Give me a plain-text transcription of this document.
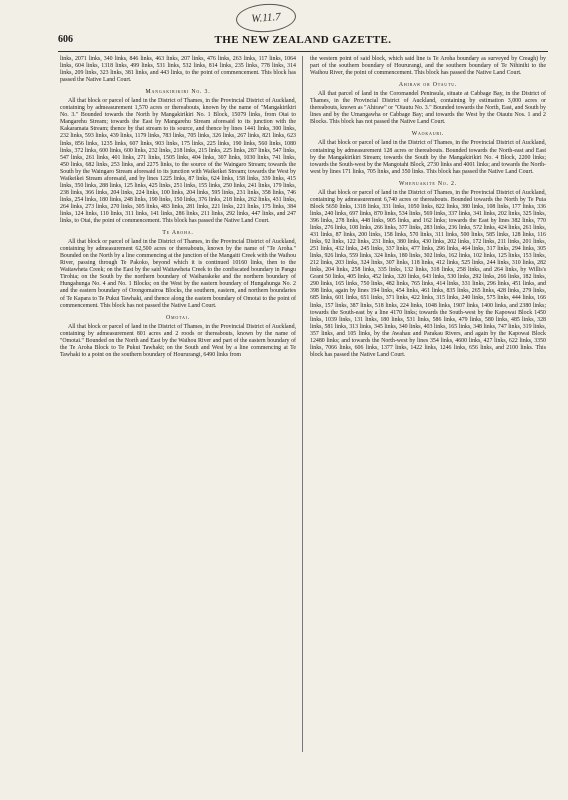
W.11.7
606	THE NEW ZEALAND GAZETTE.

links, 2071 links, 340 links, 846 links, 463 links, 207 links, 476 links, 263 links, 117 links, 1064 links, 604 links, 1318 links, 499 links, 531 links, 532 links, 814 links, 235 links, 778 links, 314 links, 209 links, 323 links, 381 links, and 443 links, to the point of commencement. This block has passed the Native Land Court.

Mangakirikiri No. 3.

All that block or parcel of land in the District of Thames, in the Provincial District of Auckland, containing by admeasurement 1,570 acres or thereabouts, known by the name of "Mangakirikiri No. 3." Bounded towards the North by Mangakirikiri No. 1 Block, 15079 links, from Otai to Mangarehu Stream; towards the East by Mangarehu Stream aforesaid to its junction with the Kakaramata Stream; thence by that stream to its source, and thence by lines 1441 links, 300 links, 232 links, 593 links, 439 links, 1179 links, 783 links, 705 links, 326 links, 267 links, 821 links, 623 links, 856 links, 1235 links, 607 links, 903 links, 175 links, 225 links, 190 links, 560 links, 1080 links, 372 links, 600 links, 600 links, 232 links, 218 links, 215 links, 225 links, 287 links, 547 links, 547 links, 261 links, 401 links, 271 links, 1505 links, 404 links, 307 links, 1030 links, 741 links, 450 links, 682 links, 253 links, and 2275 links, to the source of the Waingaro Stream; towards the South by the Waingaro Stream aforesaid to its junction with Waikeikei Stream; towards the West by Waikeikei Stream aforesaid, and by lines 1225 links, 87 links, 624 links, 158 links, 339 links, 415 links, 350 links, 288 links, 125 links, 425 links, 251 links, 155 links, 250 links, 241 links, 179 links, 238 links, 366 links, 204 links, 224 links, 100 links, 204 links, 595 links, 231 links, 358 links, 746 links, 254 links, 180 links, 248 links, 190 links, 150 links, 376 links, 218 links, 262 links, 431 links, 264 links, 273 links, 270 links, 305 links, 483 links, 281 links, 221 links, 221 links, 175 links, 384 links, 124 links, 110 links, 311 links, 141 links, 286 links, 211 links, 292 links, 447 links, and 247 links, to Otai, the point of commencement. This block has passed the Native Land Court.

Te Aroha.

All that block or parcel of land in the District of Thames, in the Provincial District of Auckland, containing by admeasurement 62,500 acres or thereabouts, known by the name of "Te Aroha." Bounded on the North by a line commencing at the junction of the Mangaiti Creek with the Waihou River, passing through Te Pakoko, beyond which it is continued 10160 links, then to the Waitawheta Creek; on the East by the said Waitawheta Creek to the confiscated boundary in Pangu Tirohia; on the South by the northern boundary of Waiharakeke and the northern boundary of Hungahunga No. 4 and No. 1 Blocks; on the West by the eastern boundary of Hungahunga No. 2 and the eastern boundary of Orongomairoa Blocks, the southern, eastern, and northern boundaries of Te Kapara to Te Pukui Tawhaki, and thence along the eastern boundary of Omotai to the point of commencement. This block has not passed the Native Land Court.

Omotai.

All that block or parcel of land in the District of Thames, in the Provincial District of Auckland, containing by admeasurement 801 acres and 2 roods or thereabouts, known by the name of "Omotai." Bounded on the North and East by the Waihou River and part of the eastern boundary of the Te Aroha Block to Te Pukui Tawhaki; on the South and West by a line commencing at Te Tawhaki to a point on the southern boundary of Hoururangi, 6490 links from

the western point of said block, which said line is Te Aroha boundary as surveyed by Creagh) by part of the southern boundary of Hoururangi, and the southern boundary of Te Nihinihi to the Waihou River, the point of commencement. This block has passed the Native Land Court.

Ahiraw or Otautu.

All that parcel of land in the Coromandel Peninsula, situate at Cabbage Bay, in the District of Thames, in the Provincial District of Auckland, containing by estimation 3,000 acres or thereabouts, known as "Ahiraw" or "Otautu No. 3." Bounded towards the North, East, and South by lines and by the Umangawha or Cabbage Bay; and towards the West by the Otautu Nos. 1 and 2 Blocks. This block has not passed the Native Land Court.

Waokauri.

All that block or parcel of land in the District of Thames, in the Provincial District of Auckland, containing by admeasurement 128 acres or thereabouts. Bounded towards the North-east and East by the Mangakirikiri Stream; towards the South by the Mangakirikiri No. 4 Block, 2200 links; towards the South-west by the Mangotahi Block, 2730 links and 4001 links; and towards the North-west by lines 171 links, 705 links, and 350 links. This block has passed the Native Land Court.

Whenuakite No. 2.

All that block or parcel of land in the District of Thames, in the Provincial District of Auckland, containing by admeasurement 6,740 acres or thereabouts. Bounded towards the North by Te Puia Block 5650 links, 1318 links, 331 links, 1050 links, 822 links, 380 links, 108 links, 177 links, 336 links, 240 links, 697 links, 870 links, 534 links, 569 links, 337 links, 341 links, 202 links, 325 links, 396 links, 278 links, 448 links, 905 links, and 162 links; towards the East by lines 382 links, 770 links, 276 links, 108 links, 266 links, 377 links, 283 links, 236 links, 572 links, 424 links, 261 links, 431 links, 87 links, 200 links, 158 links, 570 links, 311 links, 500 links, 585 links, 128 links, 116 links, 92 links, 122 links, 231 links, 380 links, 430 links, 202 links, 172 links, 211 links, 201 links, 251 links, 432 links, 245 links, 337 links, 477 links, 296 links, 464 links, 317 links, 294 links, 305 links, 926 links, 559 links, 324 links, 180 links, 302 links, 162 links, 102 links, 125 links, 153 links, 212 links, 203 links, 324 links, 307 links, 118 links, 412 links, 525 links, 244 links, 310 links, 282 links, 204 links, 258 links, 335 links, 132 links, 318 links, 258 links, and 264 links, by Willis's Grant 50 links, 405 links, 452 links, 320 links, 643 links, 530 links, 292 links, 266 links, 182 links, 290 links, 165 links, 750 links, 482 links, 765 links, 414 links, 331 links, 296 links, 451 links, and 398 links, again by lines 194 links, 454 links, 461 links, 835 links, 265 links, 428 links, 279 links, 685 links, 601 links, 651 links, 371 links, 422 links, 315 links, 240 links, 575 links, 444 links, 166 links, 157 links, 387 links, 518 links, 224 links, 1048 links, 1907 links, 1400 links, and 2380 links; towards the South-east by a line 4170 links; towards the South-west by the Kapowai Block 1450 links, 1039 links, 131 links, 180 links, 531 links, 586 links, 479 links, 580 links, 485 links, 328 links, 581 links, 313 links, 345 links, 340 links, 403 links, 165 links, 348 links, 747 links, 319 links, 357 links, and 105 links, by the Awahau and Parakau Rivers, and again by the Kapowai Block 12480 links; and towards the North-west by lines 354 links, 4600 links, 427 links, 622 links, 3350 links, 7066 links, 606 links, 1377 links, 1422 links, 1246 links, 656 links, and 2100 links. This block has passed the Native Land Court.
